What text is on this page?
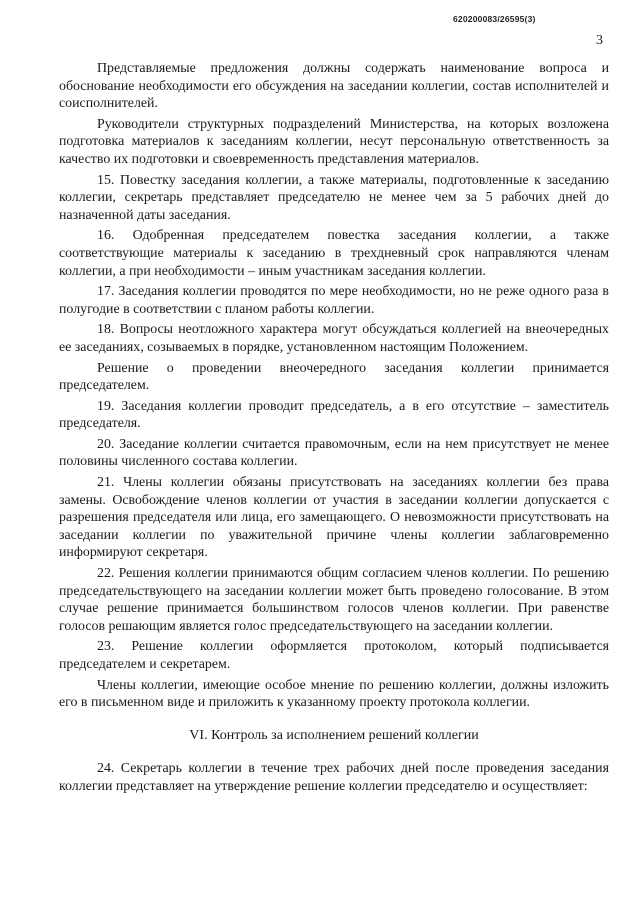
620200083/26595(3)
3

Представляемые предложения должны содержать наименование вопроса и обоснование необходимости его обсуждения на заседании коллегии, состав исполнителей и соисполнителей.

Руководители структурных подразделений Министерства, на которых возложена подготовка материалов к заседаниям коллегии, несут персональную ответственность за качество их подготовки и своевременность представления материалов.

15. Повестку заседания коллегии, а также материалы, подготовленные к заседанию коллегии, секретарь представляет председателю не менее чем за 5 рабочих дней до назначенной даты заседания.

16. Одобренная председателем повестка заседания коллегии, а также соответствующие материалы к заседанию в трехдневный срок направляются членам коллегии, а при необходимости – иным участникам заседания коллегии.

17. Заседания коллегии проводятся по мере необходимости, но не реже одного раза в полугодие в соответствии с планом работы коллегии.

18. Вопросы неотложного характера могут обсуждаться коллегией на внеочередных ее заседаниях, созываемых в порядке, установленном настоящим Положением.

Решение о проведении внеочередного заседания коллегии принимается председателем.

19. Заседания коллегии проводит председатель, а в его отсутствие – заместитель председателя.

20. Заседание коллегии считается правомочным, если на нем присутствует не менее половины численного состава коллегии.

21. Члены коллегии обязаны присутствовать на заседаниях коллегии без права замены. Освобождение членов коллегии от участия в заседании коллегии допускается с разрешения председателя или лица, его замещающего. О невозможности присутствовать на заседании коллегии по уважительной причине члены коллегии заблаговременно информируют секретаря.

22. Решения коллегии принимаются общим согласием членов коллегии. По решению председательствующего на заседании коллегии может быть проведено голосование. В этом случае решение принимается большинством голосов членов коллегии. При равенстве голосов решающим является голос председательствующего на заседании коллегии.

23. Решение коллегии оформляется протоколом, который подписывается председателем и секретарем.

Члены коллегии, имеющие особое мнение по решению коллегии, должны изложить его в письменном виде и приложить к указанному проекту протокола коллегии.

VI. Контроль за исполнением решений коллегии

24. Секретарь коллегии в течение трех рабочих дней после проведения заседания коллегии представляет на утверждение решение коллегии председателю и осуществляет:
